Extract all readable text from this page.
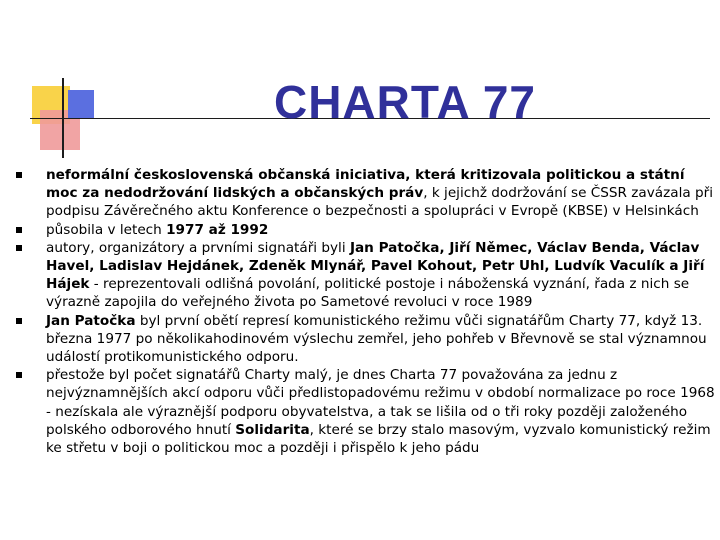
CHARTA 77
neformální československá občanská iniciativa, která kritizovala politickou a státní moc za nedodržování lidských a občanských práv, k jejichž dodržování se ČSSR zavázala při podpisu Závěrečného aktu Konference o bezpečnosti a spolupráci v Evropě (KBSE) v Helsinkách
působila v letech 1977 až 1992
autory, organizátory a prvními signatáři byli Jan Patočka, Jiří Němec, Václav Benda, Václav Havel, Ladislav Hejdánek, Zdeněk Mlynář, Pavel Kohout, Petr Uhl, Ludvík Vaculík a Jiří Hájek - reprezentovali odlišná povolání, politické postoje i náboženská vyznání, řada z nich se výrazně zapojila do veřejného života po Sametové revoluci v roce 1989
Jan Patočka byl první obětí represí komunistického režimu vůči signatářům Charty 77, když 13. března 1977 po několikahodinovém výslechu zemřel, jeho pohřeb v Břevnově se stal významnou událostí protikomunistického odporu.
přestože byl počet signatářů Charty malý, je dnes Charta 77 považována za jednu z nejvýznamnějších akcí odporu vůči předlistopadovému režimu v období normalizace po roce 1968 - nezískala ale výraznější podporu obyvatelstva, a tak se lišila od o tři roky později založeného polského odborového hnutí Solidarita, které se brzy stalo masovým, vyzvalo komunistický režim ke střetu v boji o politickou moc a později i přispělo k jeho pádu
